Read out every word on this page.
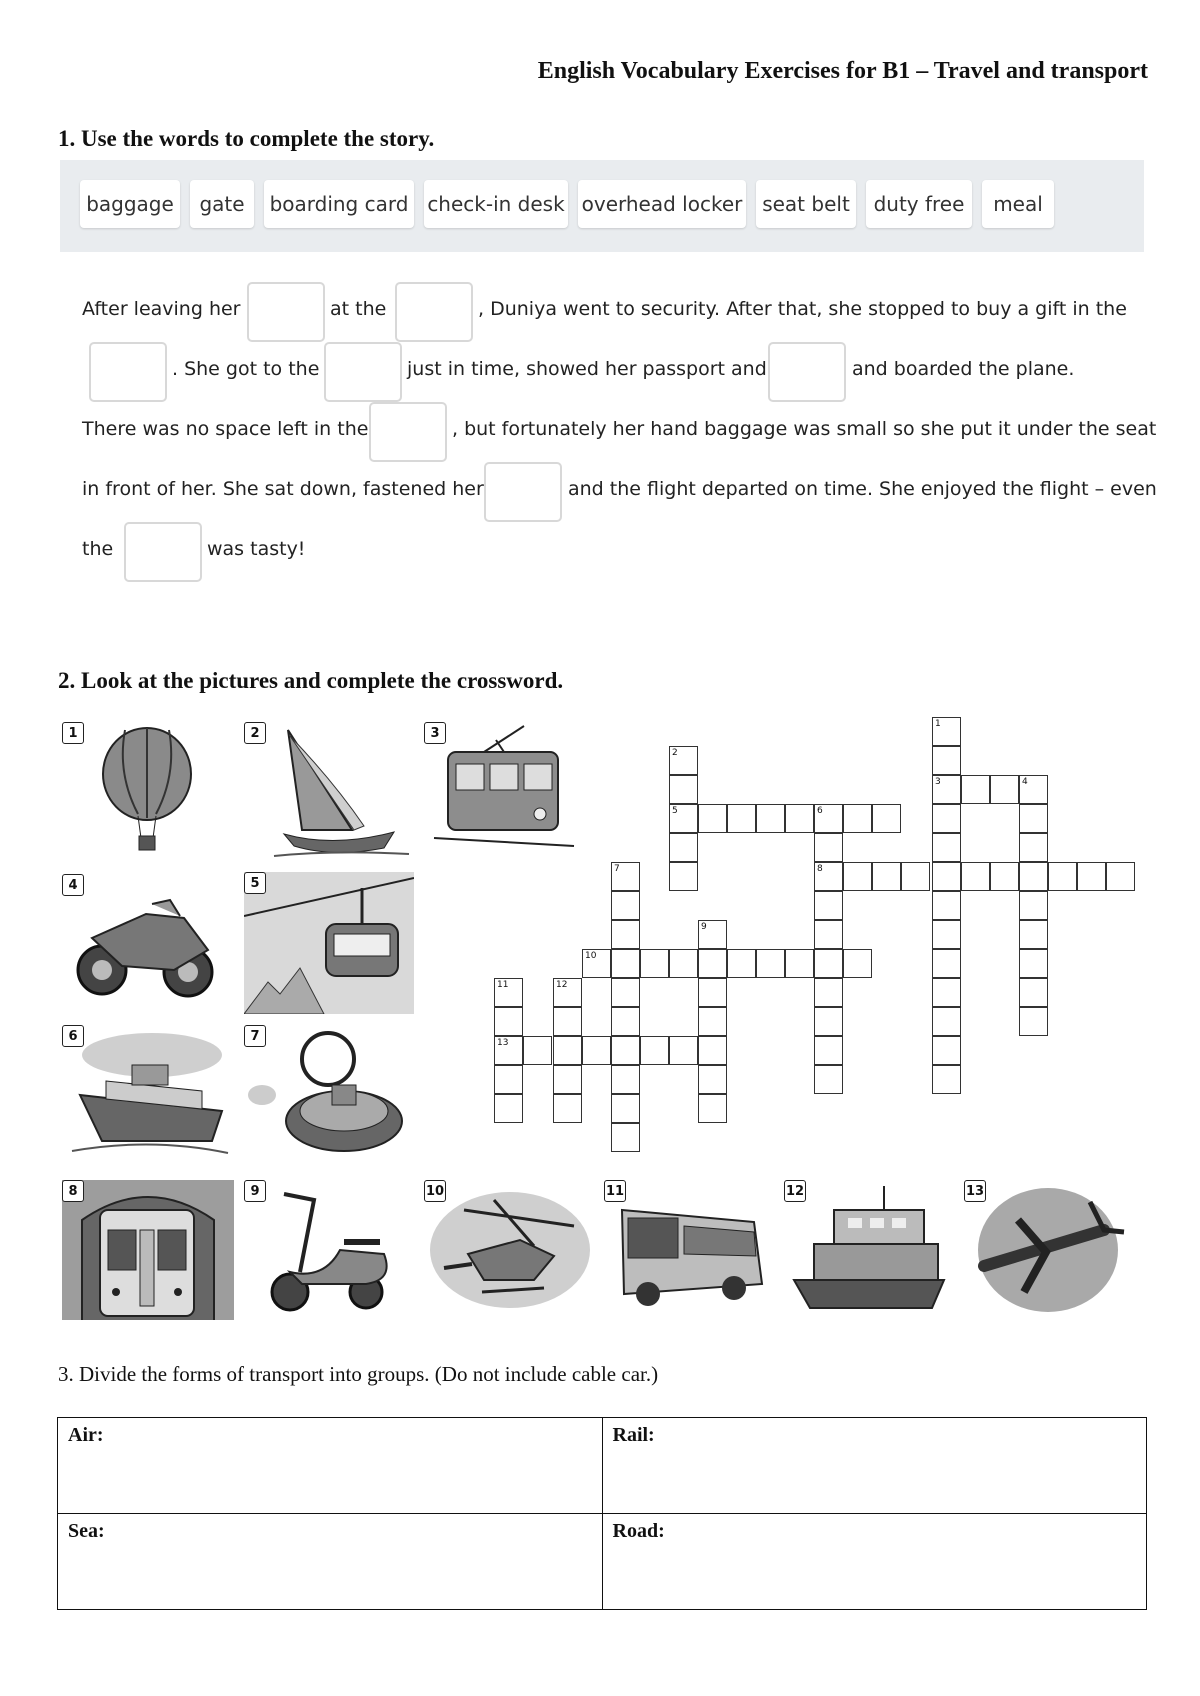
English Vocabulary Exercises for B1 – Travel and transport
1. Use the words to complete the story.
baggage	gate	boarding card check-in desk overhead locker seat belt	duty free	meal
After leaving her	at the	, Duniya went to security. After that, she stopped to buy a gift in the
. She got to the	just in time, showed her passport and	and boarded the plane.
There was no space left in the	, but fortunately her hand baggage was small so she put it under the seat
in front of her. She sat down, fastened her	and the flight departed on time. She enjoyed the flight – even
the	was tasty!
2. Look at the pictures and complete the crossword.
1	2	3
4	5
6	7
8	9	10	11	12	13
1
3	4
2
5	6
8
7
9
10
11
13
12
3. Divide the forms of transport into groups. (Do not include cable car.)
Air:	Rail:
Sea:	Road:
